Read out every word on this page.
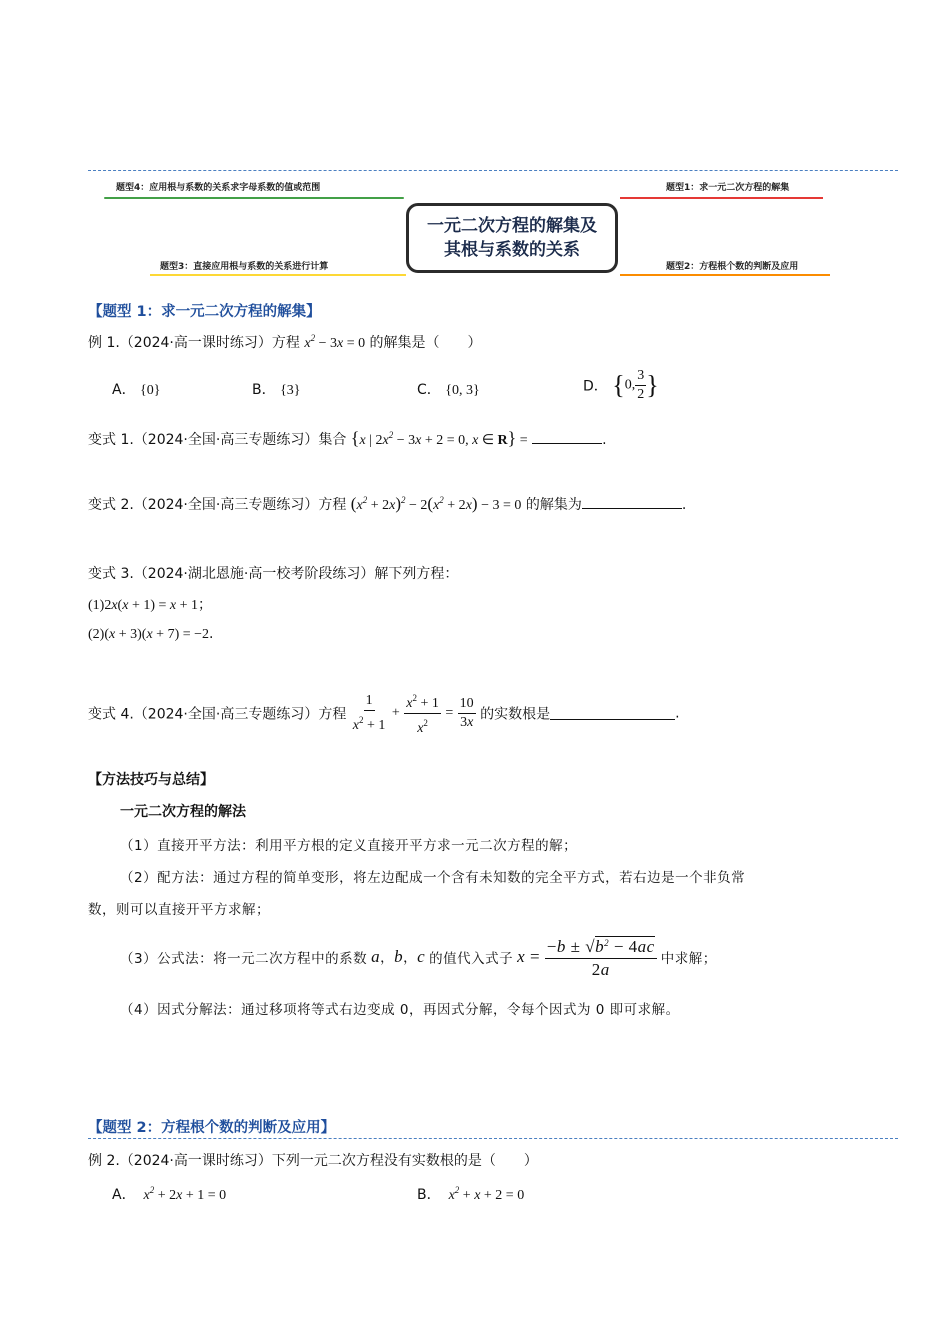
题型4：应用根与系数的关系求字母系数的值或范围	题型1：求一元二次方程的解集
题型3：直接应用根与系数的关系进行计算	题型2：方程根个数的判断及应用
一元二次方程的解集及
其根与系数的关系
【题型 1：求一元二次方程的解集】
例 1.（2024·高一课时练习）方程 $x^2 - 3x = 0$ 的解集是（　　）
A． {0}	B． {3}	C． {0, 3}	D． {0, $\frac{3}{2}$ }
变式 1.（2024·全国·高三专题练习）集合 {x | $2x^2 - 3x + 2 = 0$, x ∈ R} =	.
变式 2.（2024·全国·高三专题练习）方程 $(x^2 + 2x)^2 - 2(x^2 + 2x) - 3 = 0$ 的解集为	.
变式 3.（2024·湖北恩施·高一校考阶段练习）解下列方程：
(1)2x(x + 1) = x + 1；
(2)(x + 3)(x + 7) = −2.
变式 4.（2024·全国·高三专题练习）方程 $\frac{1}{x^2 + 1} + \frac{x^2 + 1}{x^2} = \frac{10}{3x}$ 的实数根是	.
【方法技巧与总结】
一元二次方程的解法
（1）直接开平方法：利用平方根的定义直接开平方求一元二次方程的解；
（2）配方法：通过方程的简单变形，将左边配成一个含有未知数的完全平方式，若右边是一个非负常
数，则可以直接开平方求解；
（3）公式法：将一元二次方程中的系数 a，b，c 的值代入式子 $x = \frac{-b \pm √b^2 - 4ac}{2a}$ 中求解；
（4）因式分解法：通过移项将等式右边变成 0，再因式分解，令每个因式为 0 即可求解。
【题型 2：方程根个数的判断及应用】
例 2.（2024·高一课时练习）下列一元二次方程没有实数根的是（　　）
A．  $x^2 + 2x + 1 = 0$	B．  $x^2 + x + 2 = 0$
